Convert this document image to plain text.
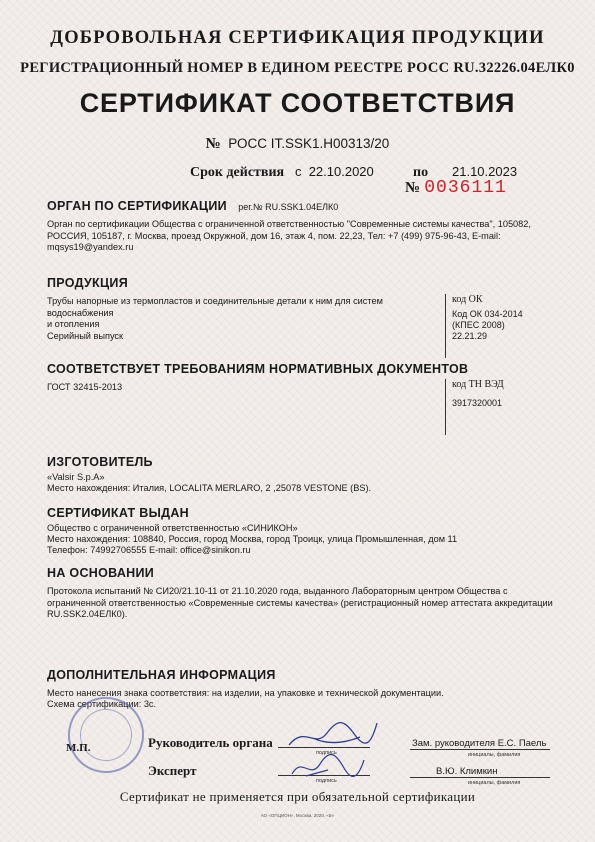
ДОБРОВОЛЬНАЯ СЕРТИФИКАЦИЯ ПРОДУКЦИИ
РЕГИСТРАЦИОННЫЙ НОМЕР В ЕДИНОМ РЕЕСТРЕ РОСС RU.32226.04ЕЛК0
СЕРТИФИКАТ СООТВЕТСТВИЯ
№ РОСС IT.SSK1.H00313/20
Срок действия с 22.10.2020	по 21.10.2023
№ 0036111
ОРГАН ПО СЕРТИФИКАЦИИ рег.№ RU.SSK1.04ЕЛК0
Орган по сертификации Общества с ограниченной ответственностью "Современные системы качества", 105082, РОССИЯ, 105187, г. Москва, проезд Окружной, дом 16, этаж 4, пом. 22,23, Тел: +7 (499) 975-96-43, E-mail: mqsys19@yandex.ru
ПРОДУКЦИЯ
Трубы напорные из термопластов и соединительные детали к ним для систем водоснабжения
и отопления
Серийный выпуск
код ОК
Код ОК 034-2014
(КПЕС 2008)
22.21.29
СООТВЕТСТВУЕТ ТРЕБОВАНИЯМ НОРМАТИВНЫХ ДОКУМЕНТОВ
ГОСТ 32415-2013	код ТН ВЭД
3917320001
ИЗГОТОВИТЕЛЬ
«Valsir S.p.A»
Место нахождения: Италия, LOCALITA MERLARO, 2 ,25078 VESTONE (BS).
СЕРТИФИКАТ ВЫДАН
Общество с ограниченной ответственностью «СИНИКОН»
Место нахождения: 108840, Россия, город Москва, город Троицк, улица Промышленная, дом 11
Телефон: 74992706555 E-mail: office@sinikon.ru
НА ОСНОВАНИИ
Протокола испытаний № СИ20/21.10-11 от 21.10.2020 года, выданного Лабораторным центром Общества с ограниченной ответственностью «Современные системы качества» (регистрационный номер аттестата аккредитации RU.SSK2.04ЕЛК0).
ДОПОЛНИТЕЛЬНАЯ ИНФОРМАЦИЯ
Место нанесения знака соответствия: на изделии, на упаковке и технической документации.
Схема сертификации: 3с.
М.П.	Руководитель органа
подпись
Зам. руководителя Е.С. Паель
инициалы, фамилия
Эксперт
подпись
В.Ю. Климкин
инициалы, фамилия
Сертификат не применяется при обязательной сертификации
АО «ОПЦИОН», Москва, 2020, «Б»
